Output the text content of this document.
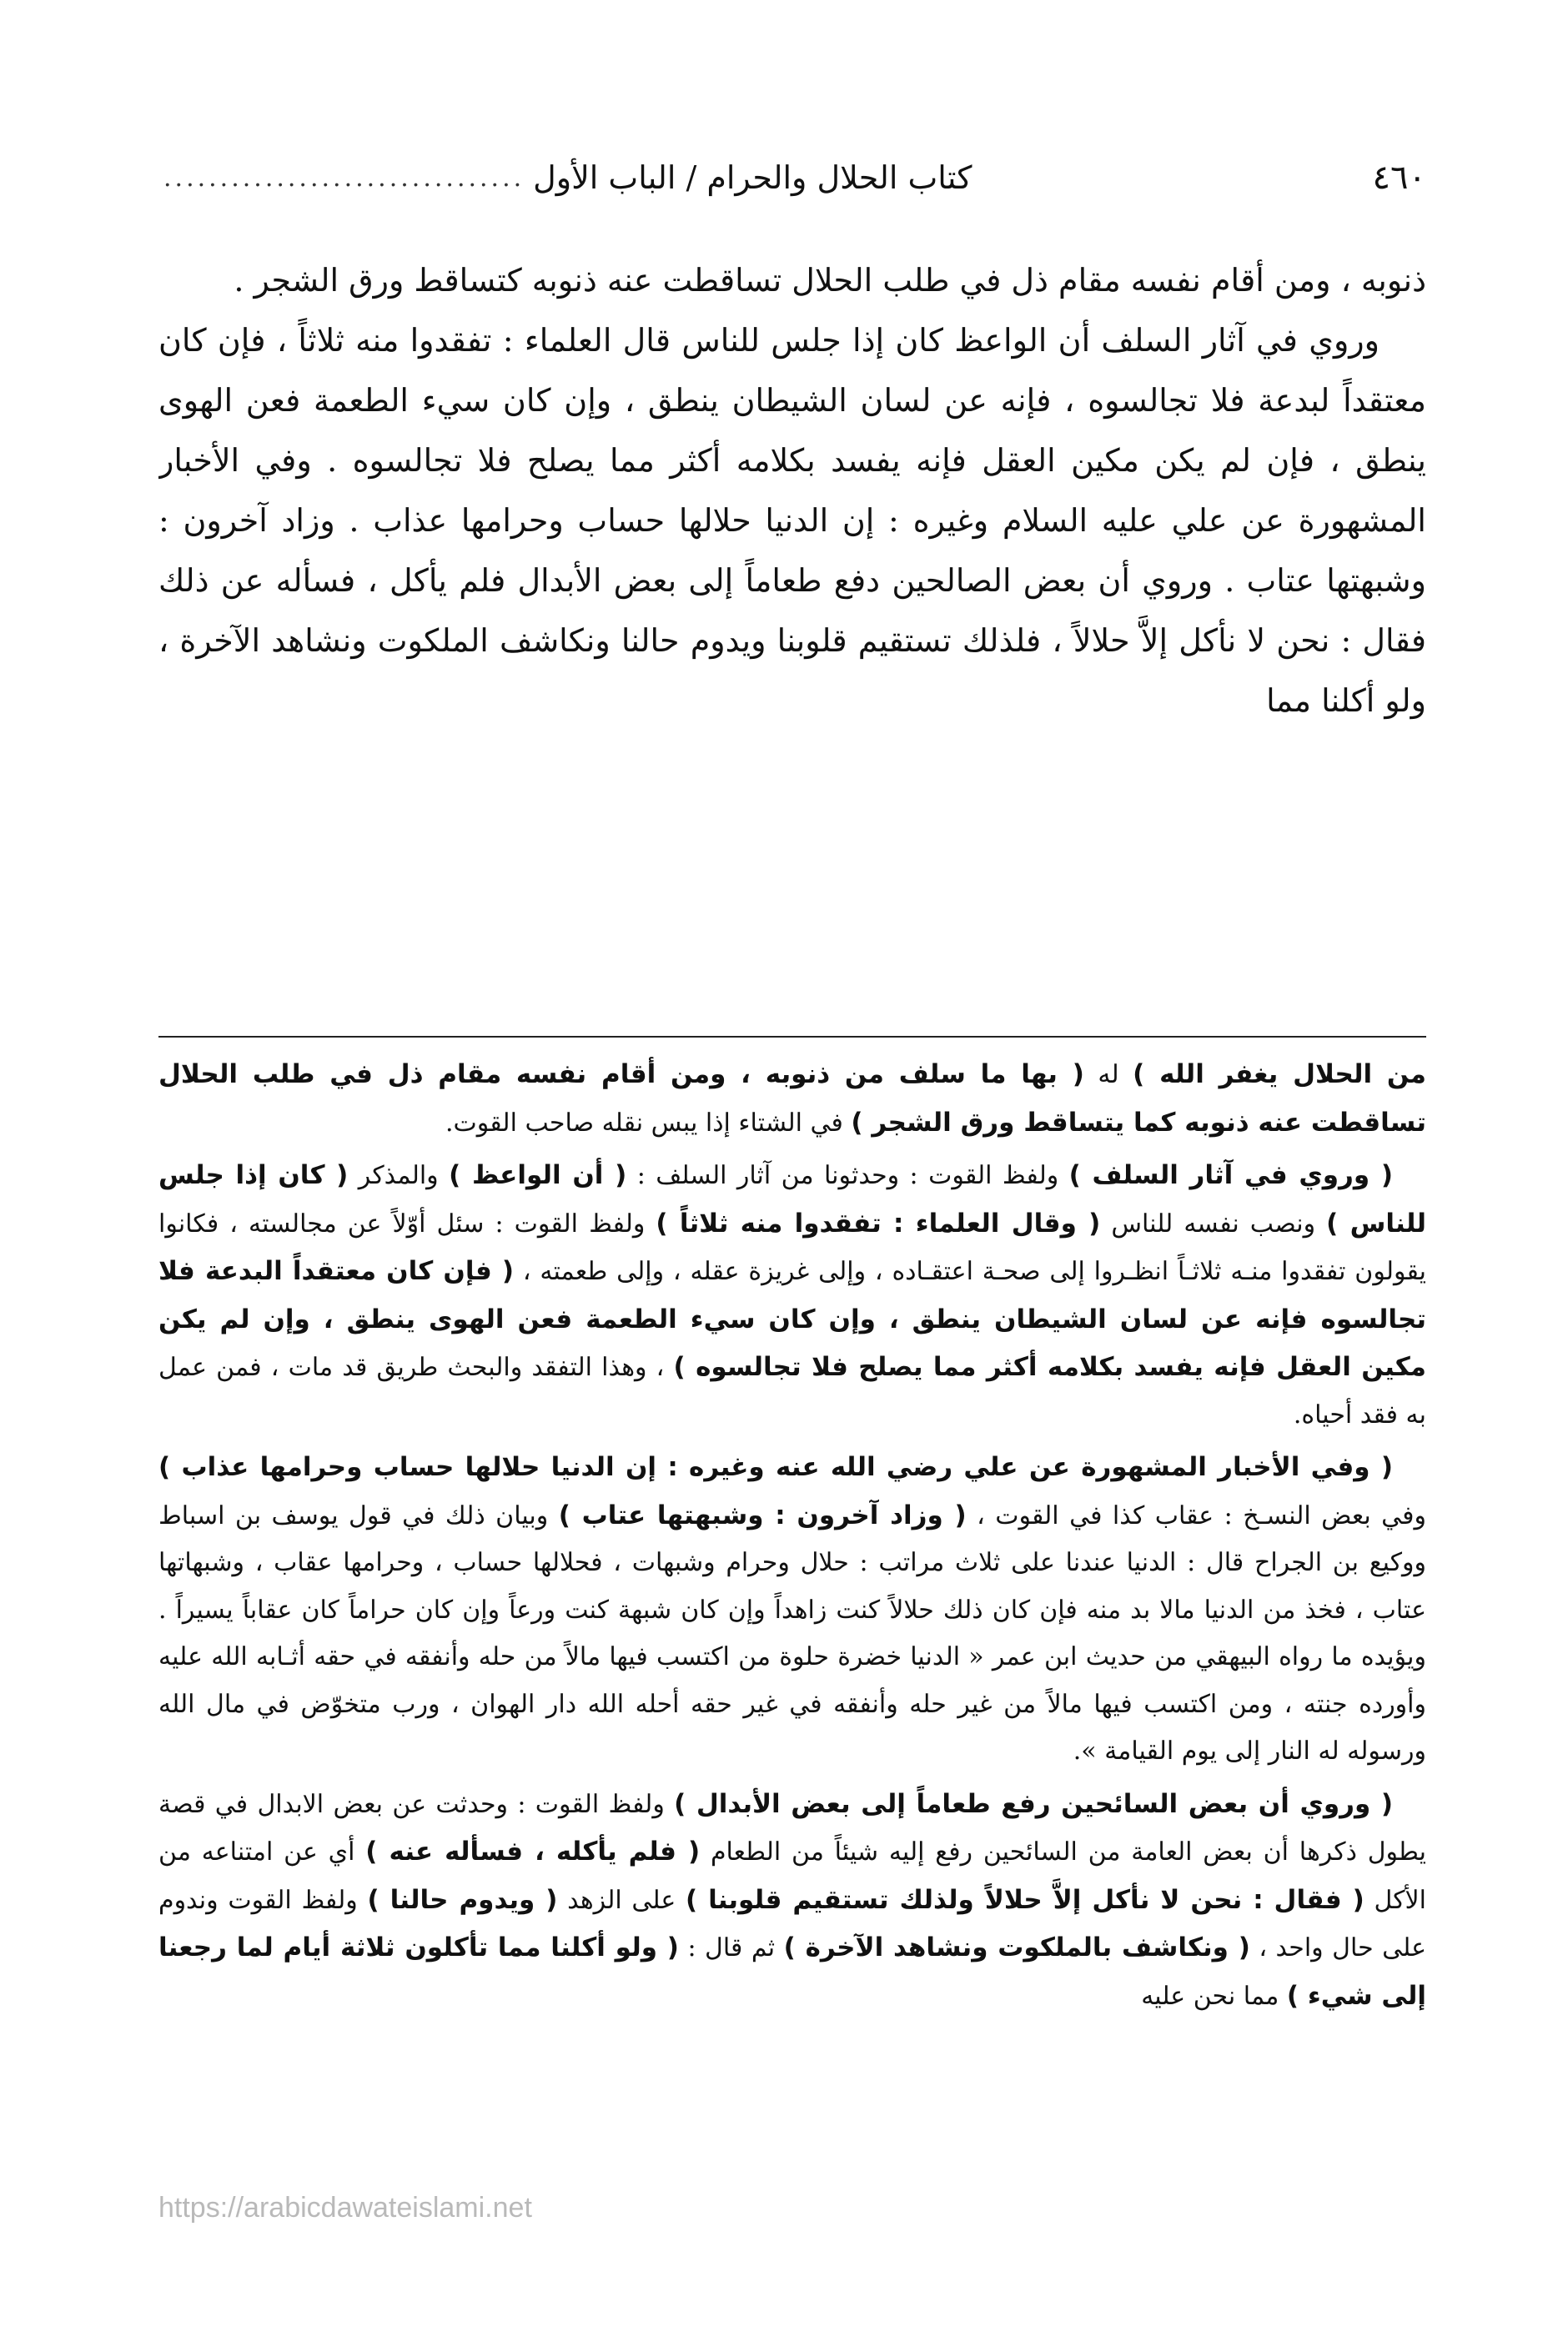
٤٦٠
كتاب الحلال والحرام / الباب الأول
................................

ذنوبه ، ومن أقام نفسه مقام ذل في طلب الحلال تساقطت عنه ذنوبه كتساقط ورق الشجر .

وروي في آثار السلف أن الواعظ كان إذا جلس للناس قال العلماء : تفقدوا منه ثلاثاً ، فإن كان معتقداً لبدعة فلا تجالسوه ، فإنه عن لسان الشيطان ينطق ، وإن كان سيء الطعمة فعن الهوى ينطق ، فإن لم يكن مكين العقل فإنه يفسد بكلامه أكثر مما يصلح فلا تجالسوه . وفي الأخبار المشهورة عن علي عليه السلام وغيره : إن الدنيا حلالها حساب وحرامها عذاب . وزاد آخرون : وشبهتها عتاب . وروي أن بعض الصالحين دفع طعاماً إلى بعض الأبدال فلم يأكل ، فسأله عن ذلك فقال : نحن لا نأكل إلاَّ حلالاً ، فلذلك تستقيم قلوبنا ويدوم حالنا ونكاشف الملكوت ونشاهد الآخرة ، ولو أكلنا مما

من الحلال يغفر الله ) له ( بها ما سلف من ذنوبه ، ومن أقام نفسه مقام ذل في طلب الحلال تساقطت عنه ذنوبه كما يتساقط ورق الشجر ) في الشتاء إذا يبس نقله صاحب القوت.

( وروي في آثار السلف ) ولفظ القوت : وحدثونا من آثار السلف : ( أن الواعظ ) والمذكر ( كان إذا جلس للناس ) ونصب نفسه للناس ( وقال العلماء : تفقدوا منه ثلاثاً ) ولفظ القوت : سئل أوّلاً عن مجالسته ، فكانوا يقولون تفقدوا منـه ثلاثـاً انظـروا إلى صحـة اعتقـاده ، وإلى غريزة عقله ، وإلى طعمته ، ( فإن كان معتقداً البدعة فلا تجالسوه فإنه عن لسان الشيطان ينطق ، وإن كان سيء الطعمة فعن الهوى ينطق ، وإن لم يكن مكين العقل فإنه يفسد بكلامه أكثر مما يصلح فلا تجالسوه ) ، وهذا التفقد والبحث طريق قد مات ، فمن عمل به فقد أحياه.

( وفي الأخبار المشهورة عن علي رضي الله عنه وغيره : إن الدنيا حلالها حساب وحرامها عذاب ) وفي بعض النسـخ : عقاب كذا في القوت ، ( وزاد آخرون : وشبهتها عتاب ) وبيان ذلك في قول يوسف بن اسباط ووكيع بن الجراح قال : الدنيا عندنا على ثلاث مراتب : حلال وحرام وشبهات ، فحلالها حساب ، وحرامها عقاب ، وشبهاتها عتاب ، فخذ من الدنيا مالا بد منه فإن كان ذلك حلالاً كنت زاهداً وإن كان شبهة كنت ورعاً وإن كان حراماً كان عقاباً يسيراً . ويؤيده ما رواه البيهقي من حديث ابن عمر « الدنيا خضرة حلوة من اكتسب فيها مالاً من حله وأنفقه في حقه أثـابه الله عليه وأورده جنته ، ومن اكتسب فيها مالاً من غير حله وأنفقه في غير حقه أحله الله دار الهوان ، ورب متخوّض في مال الله ورسوله له النار إلى يوم القيامة ».

( وروي أن بعض السائحين رفع طعاماً إلى بعض الأبدال ) ولفظ القوت : وحدثت عن بعض الابدال في قصة يطول ذكرها أن بعض العامة من السائحين رفع إليه شيئاً من الطعام ( فلم يأكله ، فسأله عنه ) أي عن امتناعه من الأكل ( فقال : نحن لا نأكل إلاَّ حلالاً ولذلك تستقيم قلوبنا ) على الزهد ( ويدوم حالنا ) ولفظ القوت وندوم على حال واحد ، ( ونكاشف بالملكوت ونشاهد الآخرة ) ثم قال : ( ولو أكلنا مما تأكلون ثلاثة أيام لما رجعنا إلى شيء ) مما نحن عليه

https://arabicdawateislami.net
